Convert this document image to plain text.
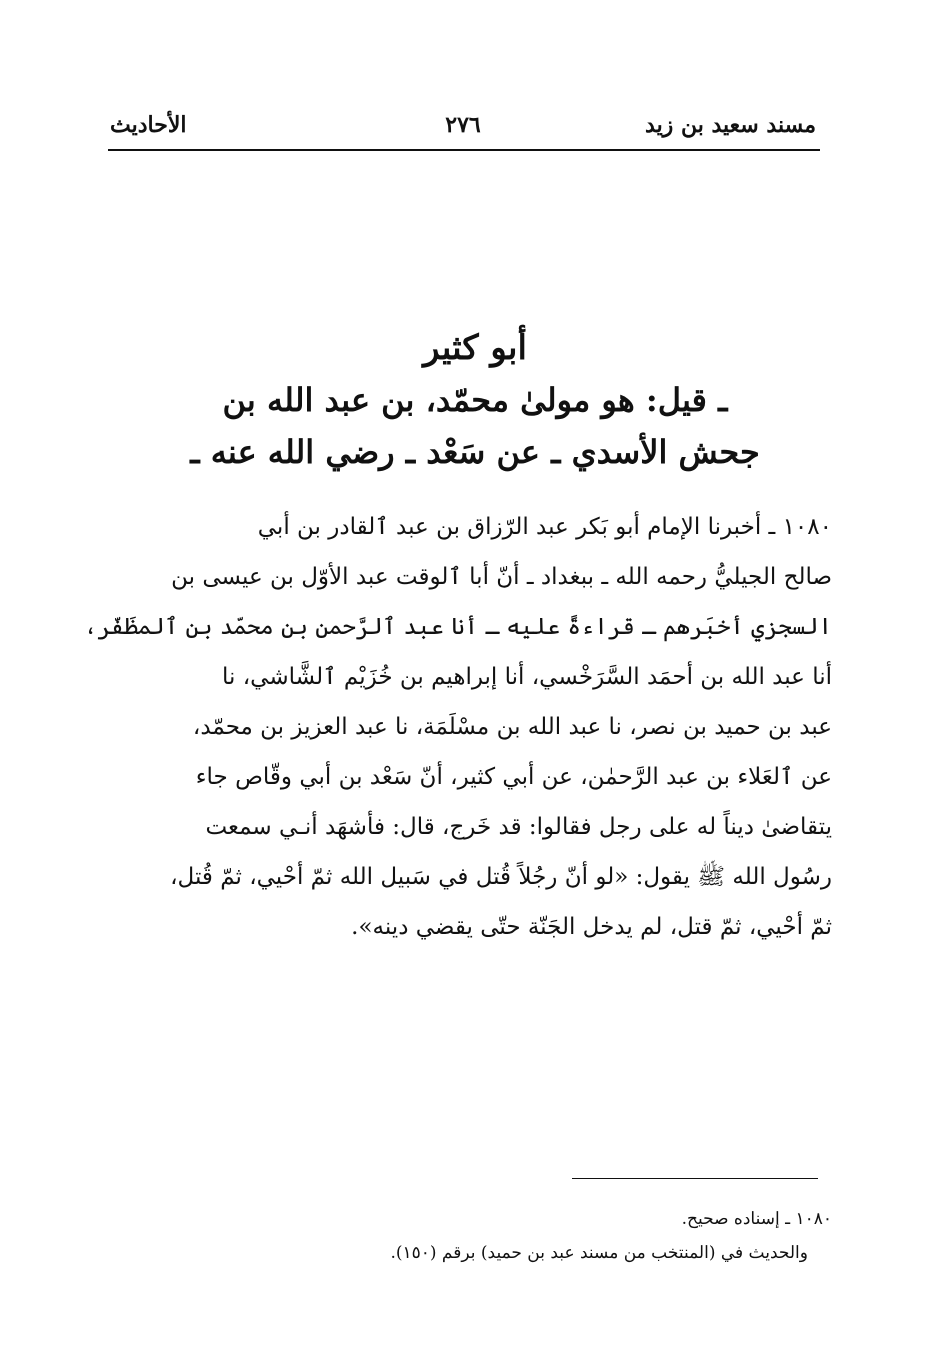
مسند سعيد بن زيد
٢٧٦
الأحاديث
أبو كثير
ـ قيل: هو مولىٰ محمّد، بن عبد الله بن
جحش الأسدي ـ عن سَعْد ـ رضي الله عنه ـ
١٠٨٠ ـ أخبرنا الإمام أبو بَكر عبد الرّزاق بن عبد ٱلقادر بن أبي
صالح الجيليُّ رحمه الله ـ ببغداد ـ أنّ أبا ٱلوقت عبد الأوّل بن عيسى بن
السجزي أخبَرهم ـ قراءةً عليه ـ أنا عبد ٱلرَّحمن بن محمّد بن ٱلمظَفّر،
أنا عبد الله بن أحمَد السَّرَخْسي، أنا إبراهيم بن خُزَيْم ٱلشَّاشي، نا
عبد بن حميد بن نصر، نا عبد الله بن مسْلَمَة، نا عبد العزيز بن محمّد،
عن ٱلعَلاء بن عبد الرَّحمٰن، عن أبي كثير، أنّ سَعْد بن أبي وقّاص جاء
يتقاضىٰ ديناً له على رجل فقالوا: قد خَرج، قال: فأشهَد أنـي سمعت
رسُول الله ﷺ يقول: «لو أنّ رجُلاً قُتل في سَبيل الله ثمّ أحْيي، ثمّ قُتل،
ثمّ أحْيي، ثمّ قتل، لم يدخل الجَنّة حتّى يقضي دينه».
١٠٨٠ ـ إسناده صحيح.
والحديث في (المنتخب من مسند عبد بن حميد) برقم (١٥٠).
